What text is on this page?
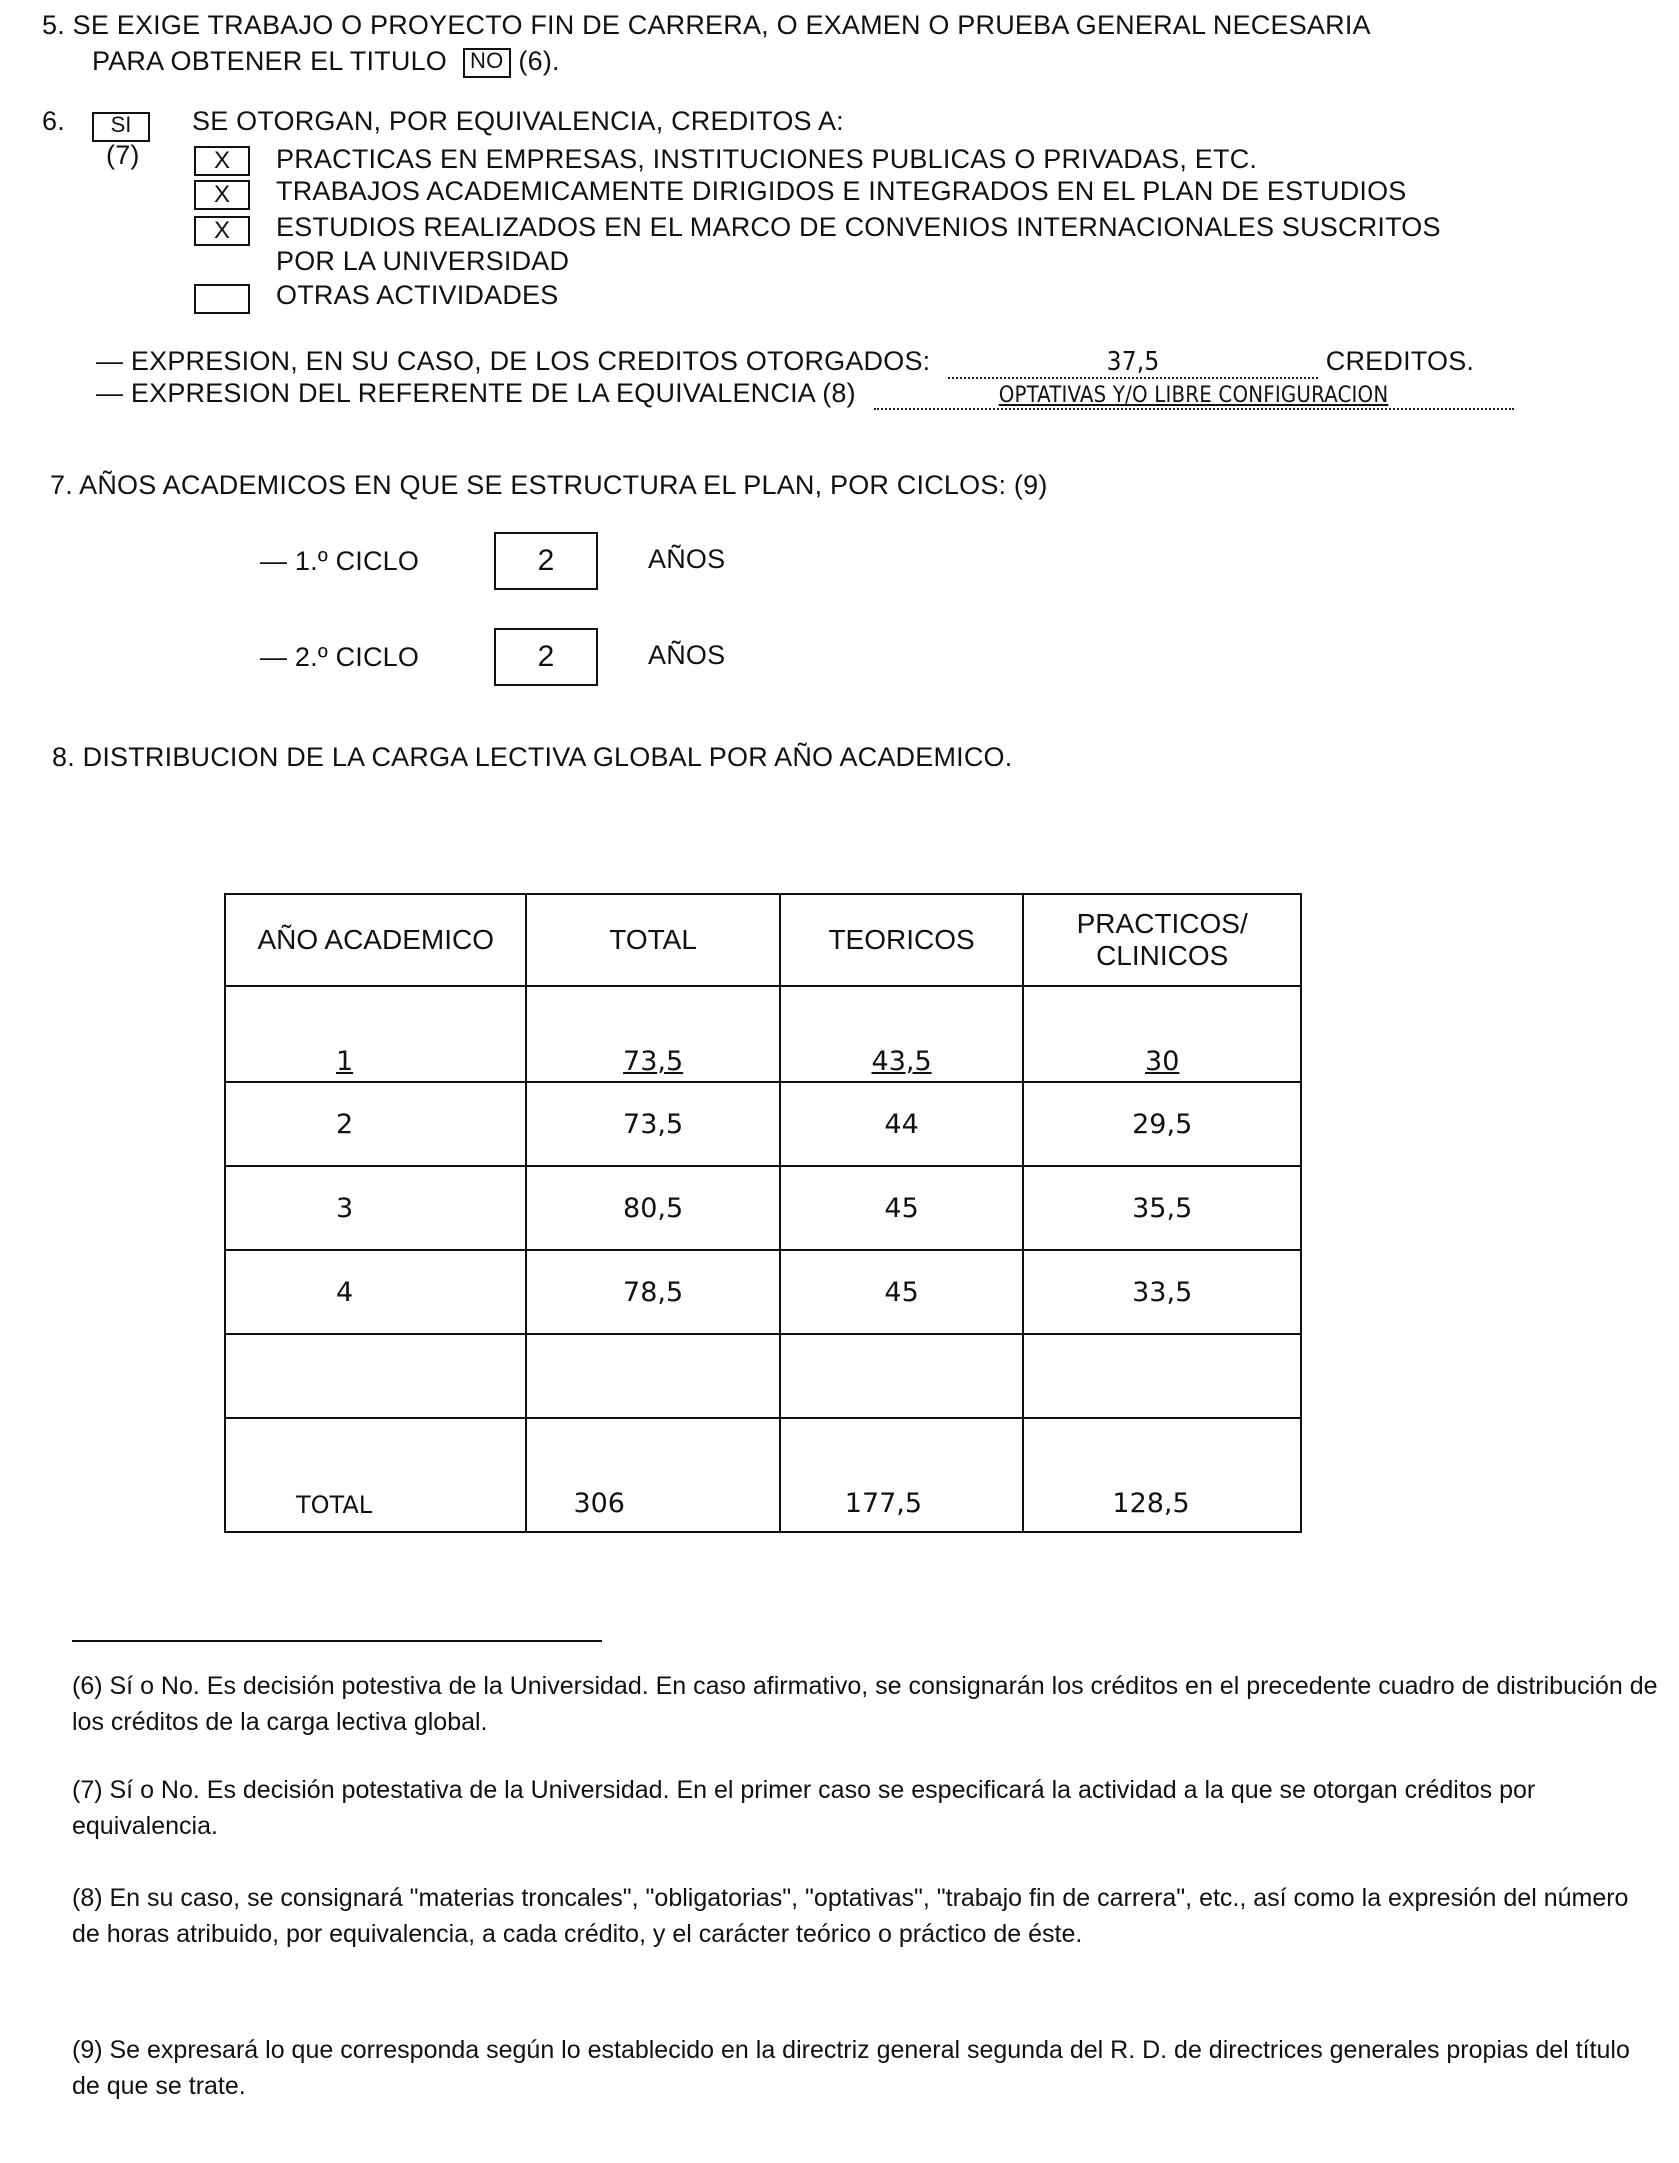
5. SE EXIGE TRABAJO O PROYECTO FIN DE CARRERA, O EXAMEN O PRUEBA GENERAL NECESARIA
PARA OBTENER EL TITULO NO (6).
6.	SI
(7)
SE OTORGAN, POR EQUIVALENCIA, CREDITOS A:
X	PRACTICAS EN EMPRESAS, INSTITUCIONES PUBLICAS O PRIVADAS, ETC.
X	TRABAJOS ACADEMICAMENTE DIRIGIDOS E INTEGRADOS EN EL PLAN DE ESTUDIOS
X	ESTUDIOS REALIZADOS EN EL MARCO DE CONVENIOS INTERNACIONALES SUSCRITOS
POR LA UNIVERSIDAD
OTRAS ACTIVIDADES
— EXPRESION, EN SU CASO, DE LOS CREDITOS OTORGADOS:	37,5	CREDITOS.
— EXPRESION DEL REFERENTE DE LA EQUIVALENCIA (8)	OPTATIVAS Y/O LIBRE CONFIGURACION
7. AÑOS ACADEMICOS EN QUE SE ESTRUCTURA EL PLAN, POR CICLOS: (9)
— 1.º CICLO	2	AÑOS
— 2.º CICLO	2	AÑOS
8. DISTRIBUCION DE LA CARGA LECTIVA GLOBAL POR AÑO ACADEMICO.
AÑO ACADEMICO	TOTAL	TEORICOS	PRACTICOS/
CLINICOS

1	73,5	43,5	30
2	73,5	44	29,5
3	80,5	45	35,5
4	78,5	45	33,5

TOTAL	306	177,5	128,5
(6) Sí o No. Es decisión potestiva de la Universidad. En caso afirmativo, se consignarán los créditos en el precedente cuadro de distribución de los créditos de la carga lectiva global.
(7) Sí o No. Es decisión potestativa de la Universidad. En el primer caso se especificará la actividad a la que se otorgan créditos por equivalencia.
(8) En su caso, se consignará "materias troncales", "obligatorias", "optativas", "trabajo fin de carrera", etc., así como la expresión del número de horas atribuido, por equivalencia, a cada crédito, y el carácter teórico o práctico de éste.
(9) Se expresará lo que corresponda según lo establecido en la directriz general segunda del R. D. de directrices generales propias del título de que se trate.
